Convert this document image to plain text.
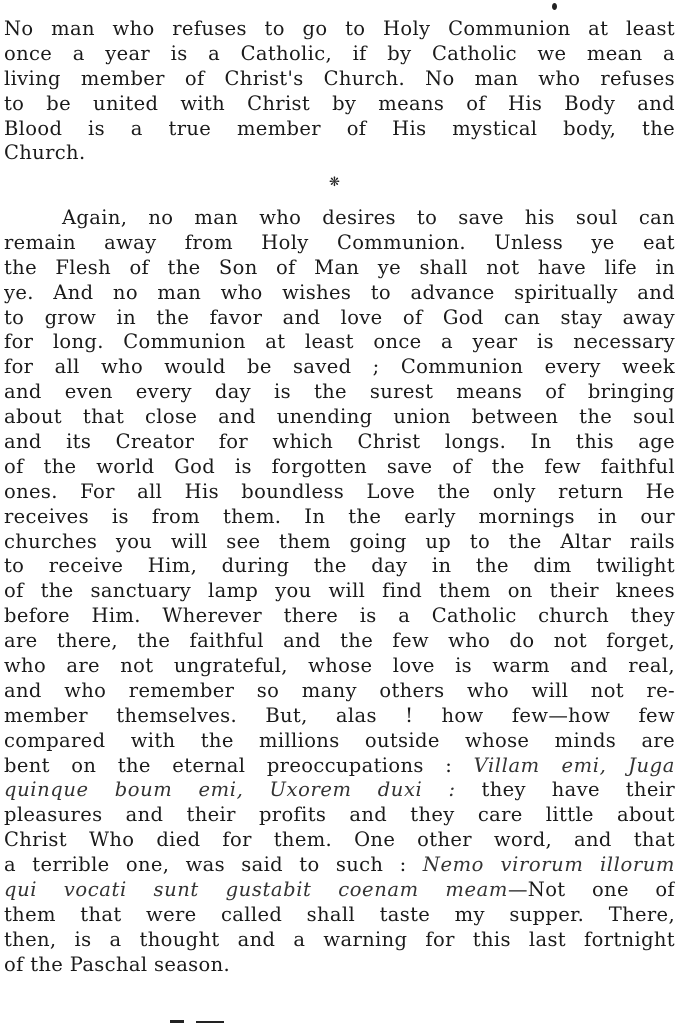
No man who refuses to go to Holy Communion at least
once a year is a Catholic, if by Catholic we mean a
living member of Christ's Church. No man who refuses
to be united with Christ by means of His Body and
Blood is a true member of His mystical body, the
Church.
❋
Again, no man who desires to save his soul can
remain away from Holy Communion. Unless ye eat
the Flesh of the Son of Man ye shall not have life in
ye. And no man who wishes to advance spiritually and
to grow in the favor and love of God can stay away
for long. Communion at least once a year is necessary
for all who would be saved ; Communion every week
and even every day is the surest means of bringing
about that close and unending union between the soul
and its Creator for which Christ longs. In this age
of the world God is forgotten save of the few faithful
ones. For all His boundless Love the only return He
receives is from them. In the early mornings in our
churches you will see them going up to the Altar rails
to receive Him, during the day in the dim twilight
of the sanctuary lamp you will find them on their knees
before Him. Wherever there is a Catholic church they
are there, the faithful and the few who do not forget,
who are not ungrateful, whose love is warm and real,
and who remember so many others who will not re-
member themselves. But, alas ! how few—how few
compared with the millions outside whose minds are
bent on the eternal preoccupations : Villam emi, Juga
quinque boum emi, Uxorem duxi : they have their
pleasures and their profits and they care little about
Christ Who died for them. One other word, and that
a terrible one, was said to such : Nemo virorum illorum
qui vocati sunt gustabit coenam meam—Not one of
them that were called shall taste my supper. There,
then, is a thought and a warning for this last fortnight
of the Paschal season.
